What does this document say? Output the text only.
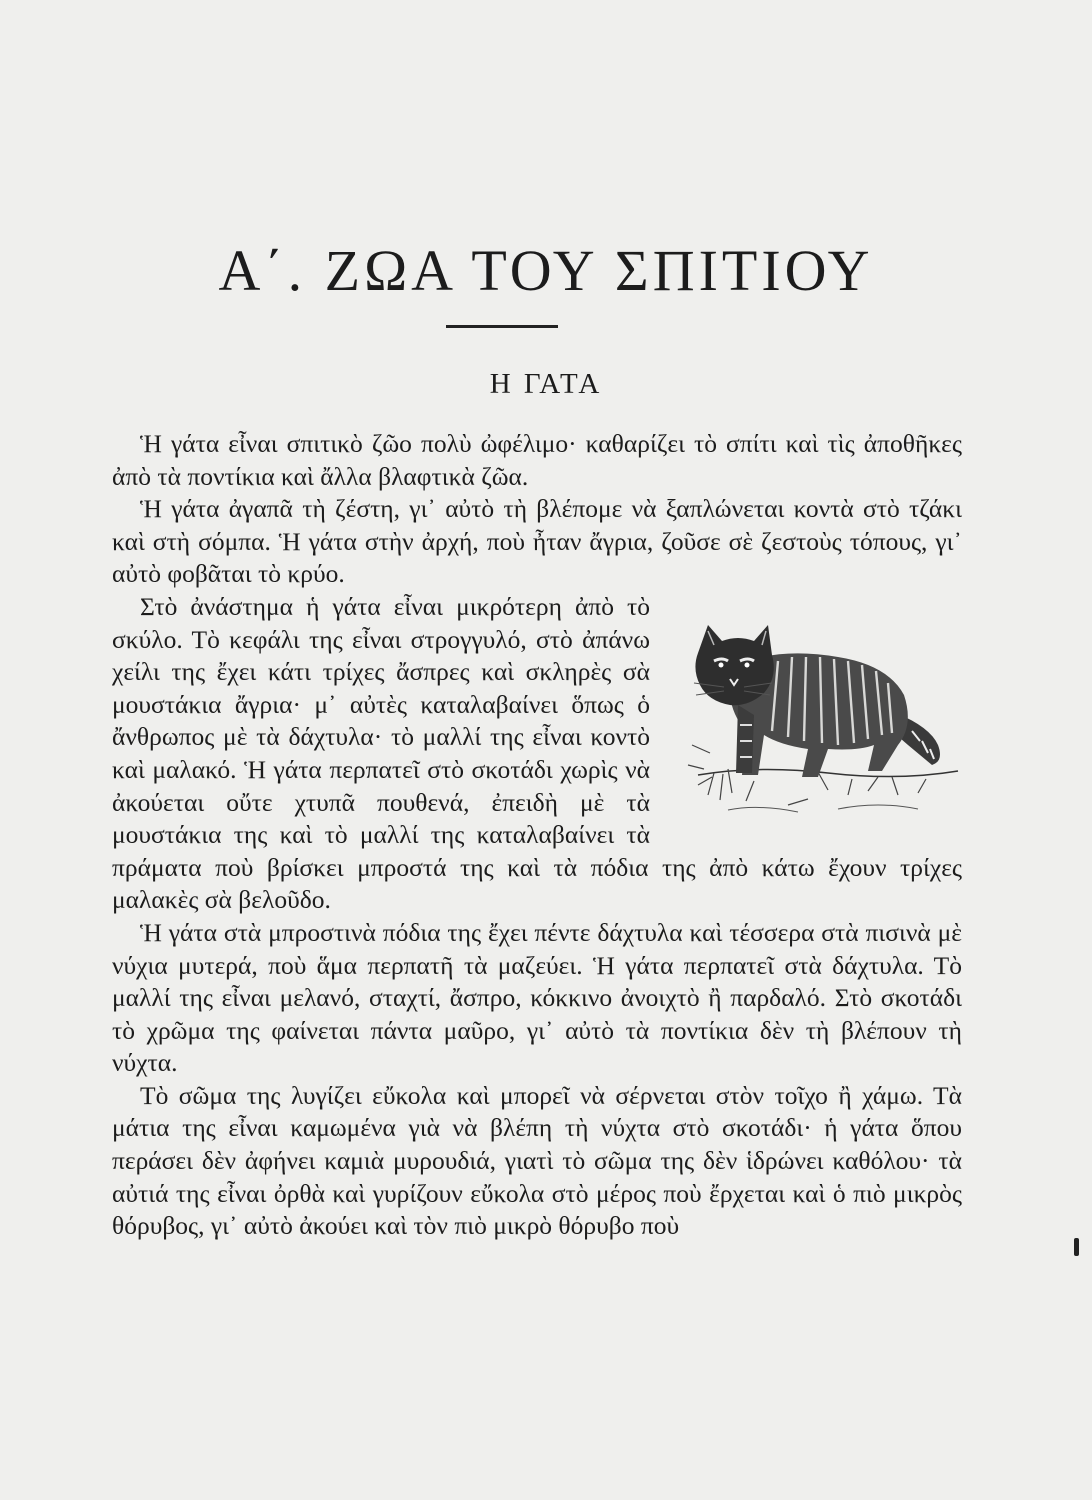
Α΄. ΖΩΑ ΤΟΥ ΣΠΙΤΙΟΥ
Η ΓΑΤΑ

Ἡ γάτα εἶναι σπιτικὸ ζῶο πολὺ ὠφέλιμο· καθαρίζει τὸ σπίτι καὶ τὶς ἀποθῆκες ἀπὸ τὰ ποντίκια καὶ ἄλλα βλαφτικὰ ζῶα.

Ἡ γάτα ἀγαπᾶ τὴ ζέστη, γι᾿ αὐτὸ τὴ βλέπομε νὰ ξαπλώνεται κοντὰ στὸ τζάκι καὶ στὴ σόμπα. Ἡ γάτα στὴν ἀρχή, ποὺ ἦταν ἄγρια, ζοῦσε σὲ ζεστοὺς τόπους, γι᾿ αὐτὸ φοβᾶται τὸ κρύο.

Στὸ ἀνάστημα ἡ γάτα εἶναι μικρότερη ἀπὸ τὸ σκύλο. Τὸ κεφάλι της εἶναι στρογγυλό, στὸ ἀπάνω χείλι της ἔχει κάτι τρίχες ἄσπρες καὶ σκληρὲς σὰ μουστάκια ἄγρια· μ᾿ αὐτὲς καταλαβαίνει ὅπως ὁ ἄνθρωπος μὲ τὰ δάχτυλα· τὸ μαλλί της εἶναι κοντὸ καὶ μαλακό. Ἡ γάτα περπατεῖ στὸ σκοτάδι χωρὶς νὰ ἀκούεται οὔτε χτυπᾶ πουθενά, ἐπειδὴ μὲ τὰ μουστάκια της καὶ τὸ μαλλί της καταλαβαίνει τὰ πράματα ποὺ βρίσκει μπροστά της καὶ τὰ πόδια της ἀπὸ κάτω ἔχουν τρίχες μαλακὲς σὰ βελοῦδο.

Ἡ γάτα στὰ μπροστινὰ πόδια της ἔχει πέντε δάχτυλα καὶ τέσσερα στὰ πισινὰ μὲ νύχια μυτερά, ποὺ ἅμα περπατῆ τὰ μαζεύει. Ἡ γάτα περπατεῖ στὰ δάχτυλα. Τὸ μαλλί της εἶναι μελανό, σταχτί, ἄσπρο, κόκκινο ἀνοιχτὸ ἢ παρδαλό. Στὸ σκοτάδι τὸ χρῶμα της φαίνεται πάντα μαῦρο, γι᾿ αὐτὸ τὰ ποντίκια δὲν τὴ βλέπουν τὴ νύχτα.

Τὸ σῶμα της λυγίζει εὔκολα καὶ μπορεῖ νὰ σέρνεται στὸν τοῖχο ἢ χάμω. Τὰ μάτια της εἶναι καμωμένα γιὰ νὰ βλέπη τὴ νύχτα στὸ σκοτάδι· ἡ γάτα ὅπου περάσει δὲν ἀφήνει καμιὰ μυρουδιά, γιατὶ τὸ σῶμα της δὲν ἱδρώνει καθόλου· τὰ αὐτιά της εἶναι ὀρθὰ καὶ γυρίζουν εὔκολα στὸ μέρος ποὺ ἔρχεται καὶ ὁ πιὸ μικρὸς θόρυβος, γι᾿ αὐτὸ ἀκούει καὶ τὸν πιὸ μικρὸ θόρυβο ποὺ
